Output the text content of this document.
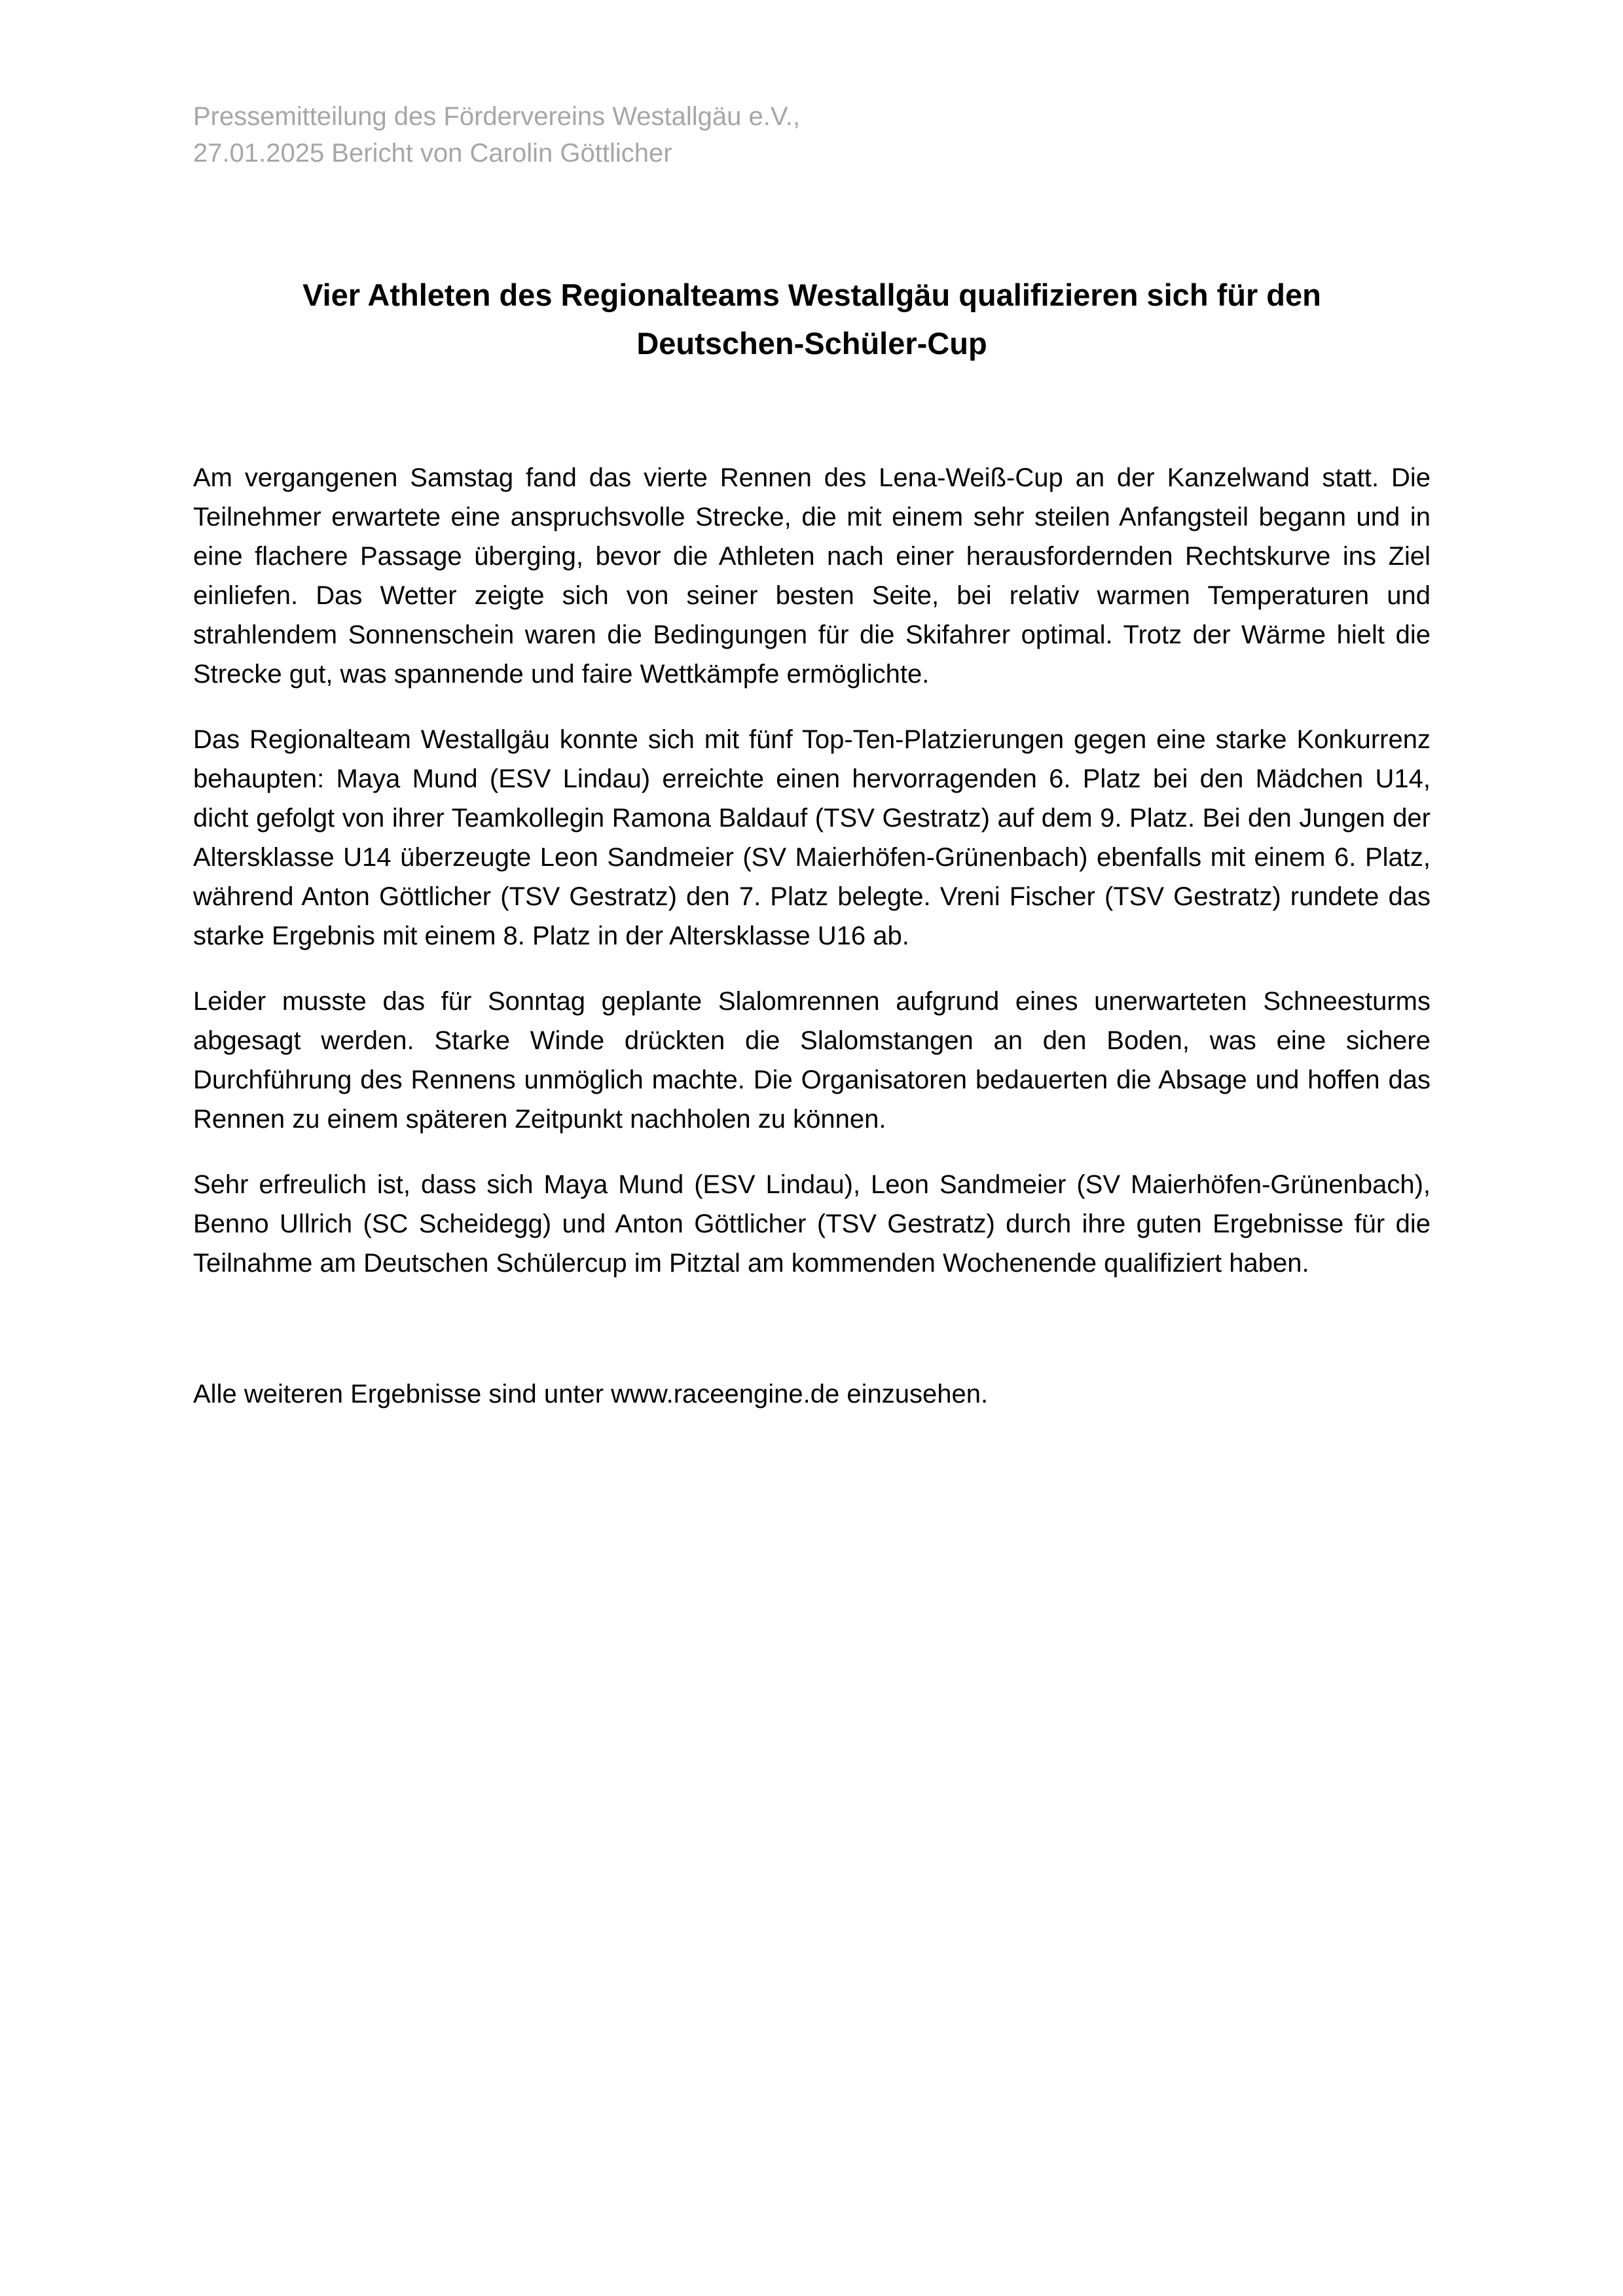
Pressemitteilung des Fördervereins Westallgäu e.V.,
27.01.2025 Bericht von Carolin Göttlicher
Vier Athleten des Regionalteams Westallgäu qualifizieren sich für den
Deutschen-Schüler-Cup

Am vergangenen Samstag fand das vierte Rennen des Lena-Weiß-Cup an der Kanzelwand statt. Die Teilnehmer erwartete eine anspruchsvolle Strecke, die mit einem sehr steilen Anfangsteil begann und in eine flachere Passage überging, bevor die Athleten nach einer herausfordernden Rechtskurve ins Ziel einliefen. Das Wetter zeigte sich von seiner besten Seite, bei relativ warmen Temperaturen und strahlendem Sonnenschein waren die Bedingungen für die Skifahrer optimal. Trotz der Wärme hielt die Strecke gut, was spannende und faire Wettkämpfe ermöglichte.

Das Regionalteam Westallgäu konnte sich mit fünf Top-Ten-Platzierungen gegen eine starke Konkurrenz behaupten: Maya Mund (ESV Lindau) erreichte einen hervorragenden 6. Platz bei den Mädchen U14, dicht gefolgt von ihrer Teamkollegin Ramona Baldauf (TSV Gestratz) auf dem 9. Platz. Bei den Jungen der Altersklasse U14 überzeugte Leon Sandmeier (SV Maierhöfen-Grünenbach) ebenfalls mit einem 6. Platz, während Anton Göttlicher (TSV Gestratz) den 7. Platz belegte. Vreni Fischer (TSV Gestratz) rundete das starke Ergebnis mit einem 8. Platz in der Altersklasse U16 ab.

Leider musste das für Sonntag geplante Slalomrennen aufgrund eines unerwarteten Schneesturms abgesagt werden. Starke Winde drückten die Slalomstangen an den Boden, was eine sichere Durchführung des Rennens unmöglich machte. Die Organisatoren bedauerten die Absage und hoffen das Rennen zu einem späteren Zeitpunkt nachholen zu können.

Sehr erfreulich ist, dass sich Maya Mund (ESV Lindau), Leon Sandmeier (SV Maierhöfen-Grünenbach), Benno Ullrich (SC Scheidegg) und Anton Göttlicher (TSV Gestratz) durch ihre guten Ergebnisse für die Teilnahme am Deutschen Schülercup im Pitztal am kommenden Wochenende qualifiziert haben.

Alle weiteren Ergebnisse sind unter www.raceengine.de einzusehen.
